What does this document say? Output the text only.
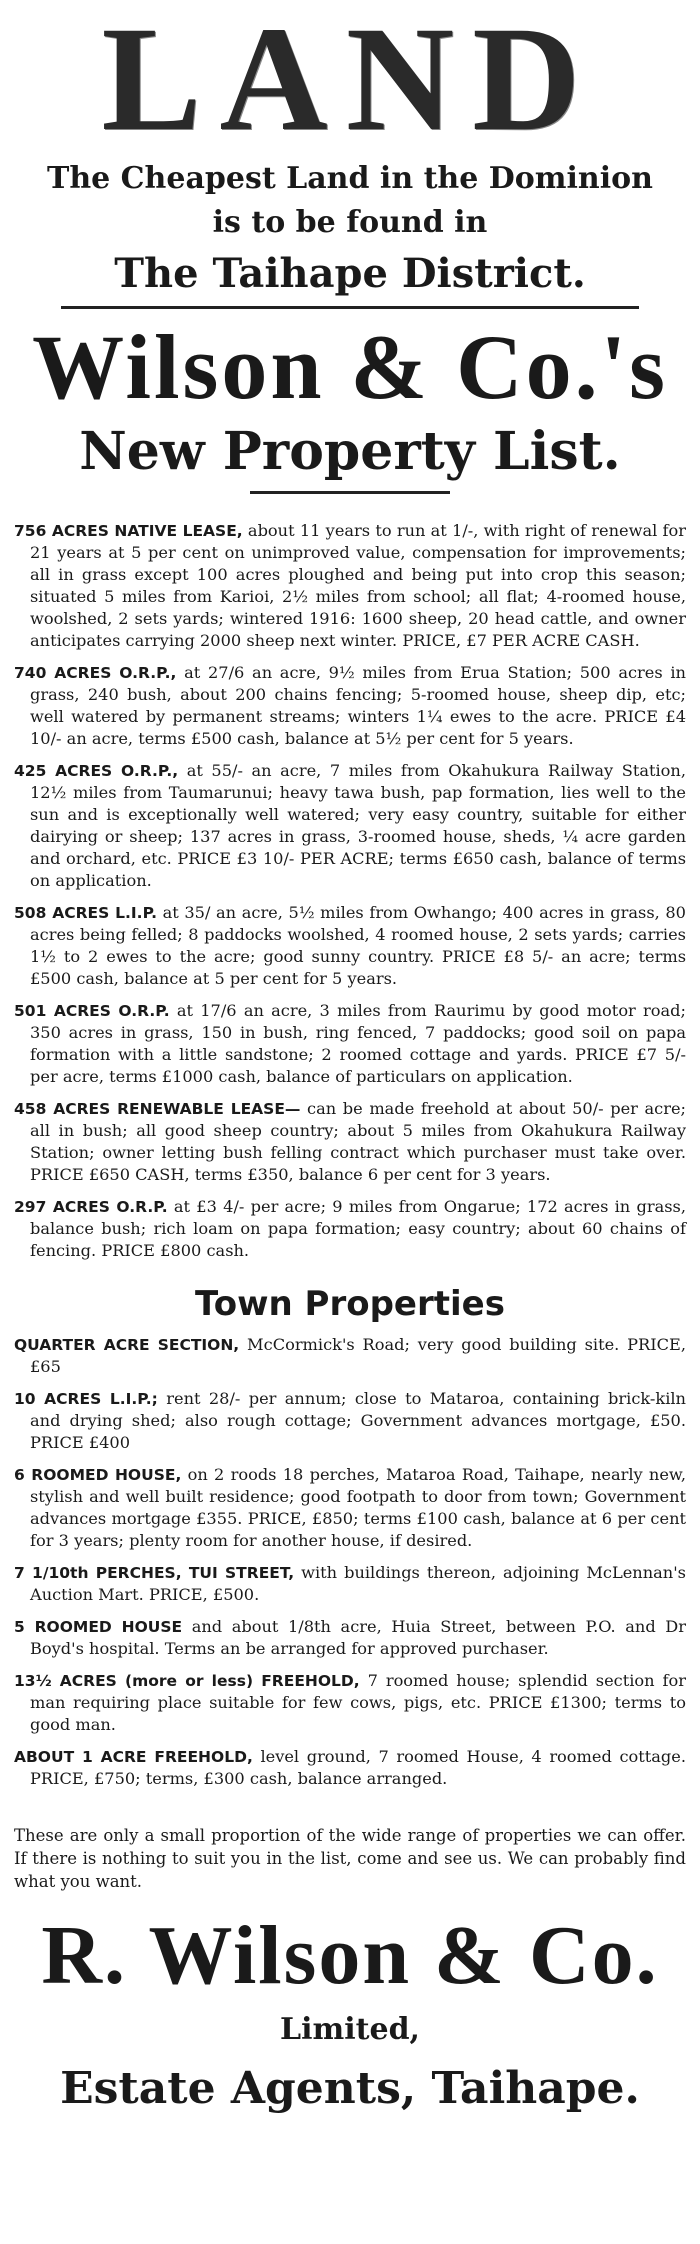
LAND
The Cheapest Land in the Dominion
is to be found in
The Taihape District.
Wilson & Co.'s
New Property List.

756 ACRES NATIVE LEASE, about 11 years to run at 1/-, with right of renewal for 21 years at 5 per cent on unimproved value, compensation for improvements; all in grass except 100 acres ploughed and being put into crop this season; situated 5 miles from Karioi, 2½ miles from school; all flat; 4-roomed house, woolshed, 2 sets yards; wintered 1916: 1600 sheep, 20 head cattle, and owner anticipates carrying 2000 sheep next winter. PRICE, £7 PER ACRE CASH.

740 ACRES O.R.P., at 27/6 an acre, 9½ miles from Erua Station; 500 acres in grass, 240 bush, about 200 chains fencing; 5-roomed house, sheep dip, etc; well watered by permanent streams; winters 1¼ ewes to the acre. PRICE £4 10/- an acre, terms £500 cash, balance at 5½ per cent for 5 years.

425 ACRES O.R.P., at 55/- an acre, 7 miles from Okahukura Railway Station, 12½ miles from Taumarunui; heavy tawa bush, pap formation, lies well to the sun and is exceptionally well watered; very easy country, suitable for either dairying or sheep; 137 acres in grass, 3-roomed house, sheds, ¼ acre garden and orchard, etc. PRICE £3 10/- PER ACRE; terms £650 cash, balance of terms on application.

508 ACRES L.I.P. at 35/ an acre, 5½ miles from Owhango; 400 acres in grass, 80 acres being felled; 8 paddocks woolshed, 4 roomed house, 2 sets yards; carries 1½ to 2 ewes to the acre; good sunny country. PRICE £8 5/- an acre; terms £500 cash, balance at 5 per cent for 5 years.

501 ACRES O.R.P. at 17/6 an acre, 3 miles from Raurimu by good motor road; 350 acres in grass, 150 in bush, ring fenced, 7 paddocks; good soil on papa formation with a little sandstone; 2 roomed cottage and yards. PRICE £7 5/- per acre, terms £1000 cash, balance of particulars on application.

458 ACRES RENEWABLE LEASE— can be made freehold at about 50/- per acre; all in bush; all good sheep country; about 5 miles from Okahukura Railway Station; owner letting bush felling contract which purchaser must take over. PRICE £650 CASH, terms £350, balance 6 per cent for 3 years.

297 ACRES O.R.P. at £3 4/- per acre; 9 miles from Ongarue; 172 acres in grass, balance bush; rich loam on papa formation; easy country; about 60 chains of fencing. PRICE £800 cash.

Town Properties

QUARTER ACRE SECTION, McCormick's Road; very good building site. PRICE, £65

10 ACRES L.I.P.; rent 28/- per annum; close to Mataroa, containing brick-kiln and drying shed; also rough cottage; Government advances mortgage, £50. PRICE £400

6 ROOMED HOUSE, on 2 roods 18 perches, Mataroa Road, Taihape, nearly new, stylish and well built residence; good footpath to door from town; Government advances mortgage £355. PRICE, £850; terms £100 cash, balance at 6 per cent for 3 years; plenty room for another house, if desired.

7 1/10th PERCHES, TUI STREET, with buildings thereon, adjoining McLennan's Auction Mart. PRICE, £500.

5 ROOMED HOUSE and about 1/8th acre, Huia Street, between P.O. and Dr Boyd's hospital. Terms an be arranged for approved purchaser.

13½ ACRES (more or less) FREEHOLD, 7 roomed house; splendid section for man requiring place suitable for few cows, pigs, etc. PRICE £1300; terms to good man.

ABOUT 1 ACRE FREEHOLD, level ground, 7 roomed House, 4 roomed cottage. PRICE, £750; terms, £300 cash, balance arranged.

These are only a small proportion of the wide range of properties we can offer. If there is nothing to suit you in the list, come and see us. We can probably find what you want.

R. Wilson & Co.
Limited,
Estate Agents, Taihape.
